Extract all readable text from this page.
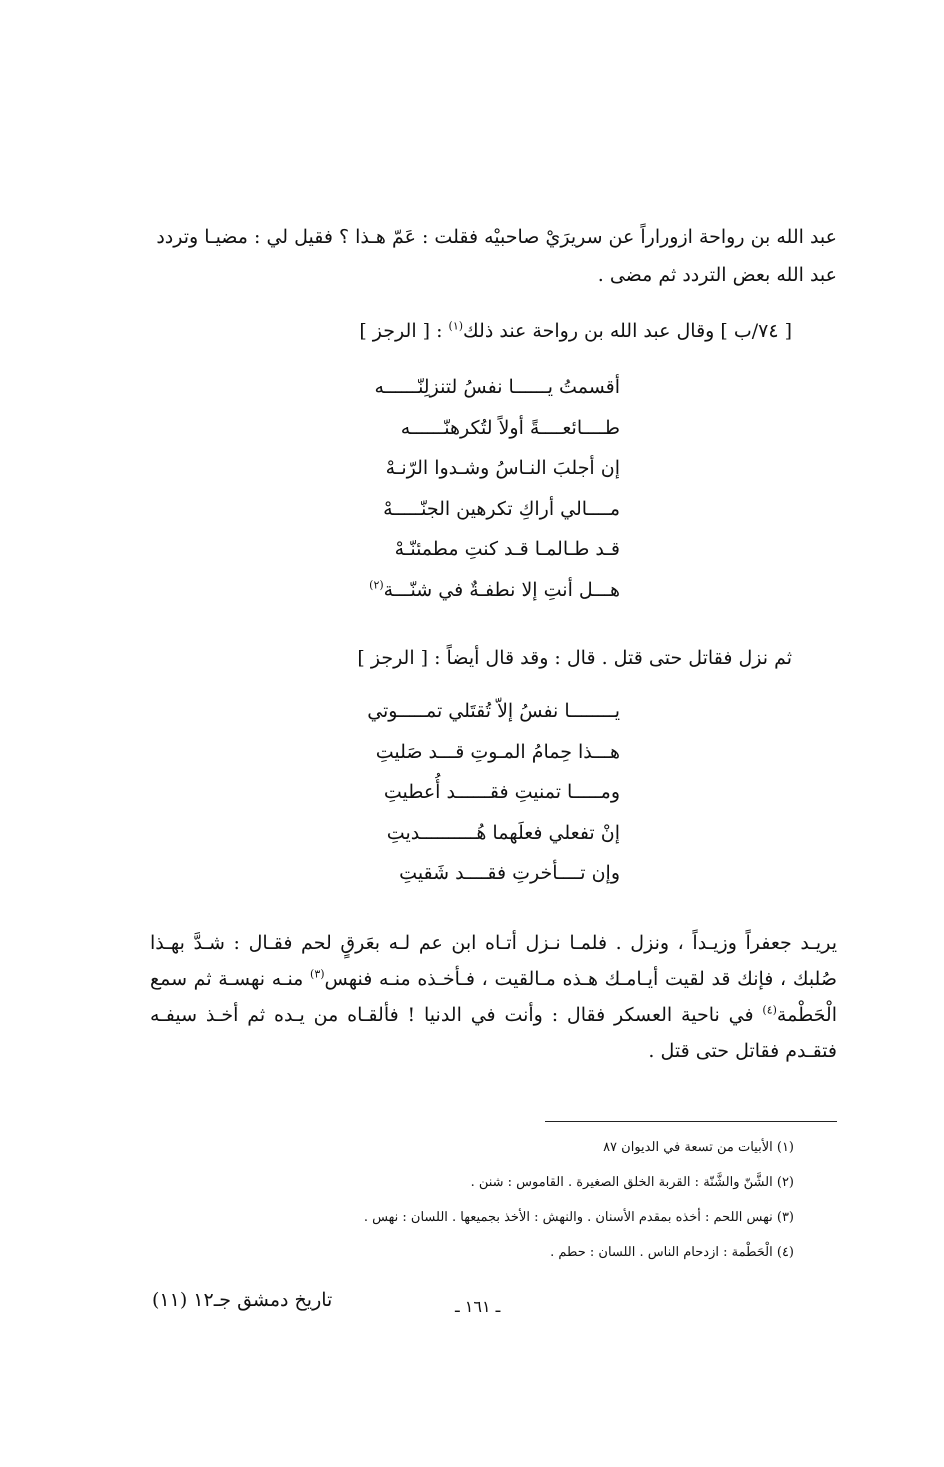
عبد الله بن رواحة ازوراراً عن سريرَيْ صاحبيْه فقلت : عَمّ هـذا ؟ فقيل لي : مضيـا وتردد
عبد الله بعض التردد ثم مضى .
[ ٧٤/ب ] وقال عبد الله بن رواحة عند ذلك$^{(١)}$ : [ الرجز ]
أقسمتُ يــــــا نفسُ لتنزلِنّــــــه
طــــائعــــةً أولاً لتُكرهنّــــــه
إن أجلبَ النـاسُ وشـدوا الرّنـهْ
مــــالي أراكِ تكرهين الجنّـــــهْ
قـد طـالمـا قـد كنتِ مطمئنّـهْ
هـــل أنتِ إلا نطفـةٌ في شنّـــة$^{(٢)}$
ثم نزل فقاتل حتى قتل . قال : وقد قال أيضاً : [ الرجز ]
يــــــــا نفسُ إلاّ تُقتَلي تمـــــوتي
هـــذا حِمامُ المـوتِ قـــد صَليتِ
ومـــــا تمنيتِ فقــــــد أُعطيتِ
إنْ تفعلي فعلَهما هُــــــــــديتِ
وإن تــــأخرتِ فقــــد شَقيتِ

يريـد جعفراً وزيـداً ، ونزل . فلمـا نـزل أتـاه ابن عم لـه بعَرقٍ لحم فقـال : شـدَّ بهـذا صُلبك ، فإنك قد لقيت أيـامـك هـذه مـالقيت ، فـأخـذه منـه فنهس$^{(٣)}$ منـه نهسـة ثم سمع الْحَطْمة$^{(٤)}$ في ناحية العسكر فقال : وأنت في الدنيا ! فألقـاه من يـده ثم أخـذ سيفـه فتقـدم فقاتل حتى قتل .

(١) الأبيات من تسعة في الديوان ٨٧
(٢) الشَّنّ والشَّنّة : القربة الخلق الصغيرة . القاموس : شنن .
(٣) نهس اللحم : أخذه بمقدم الأسنان . والنهش : الأخذ بجميعها . اللسان : نهس .
(٤) الْحَطْمة : ازدحام الناس . اللسان : حطم .
تاريخ دمشق جـ١٢ (١١)	ـ ١٦١ ـ
